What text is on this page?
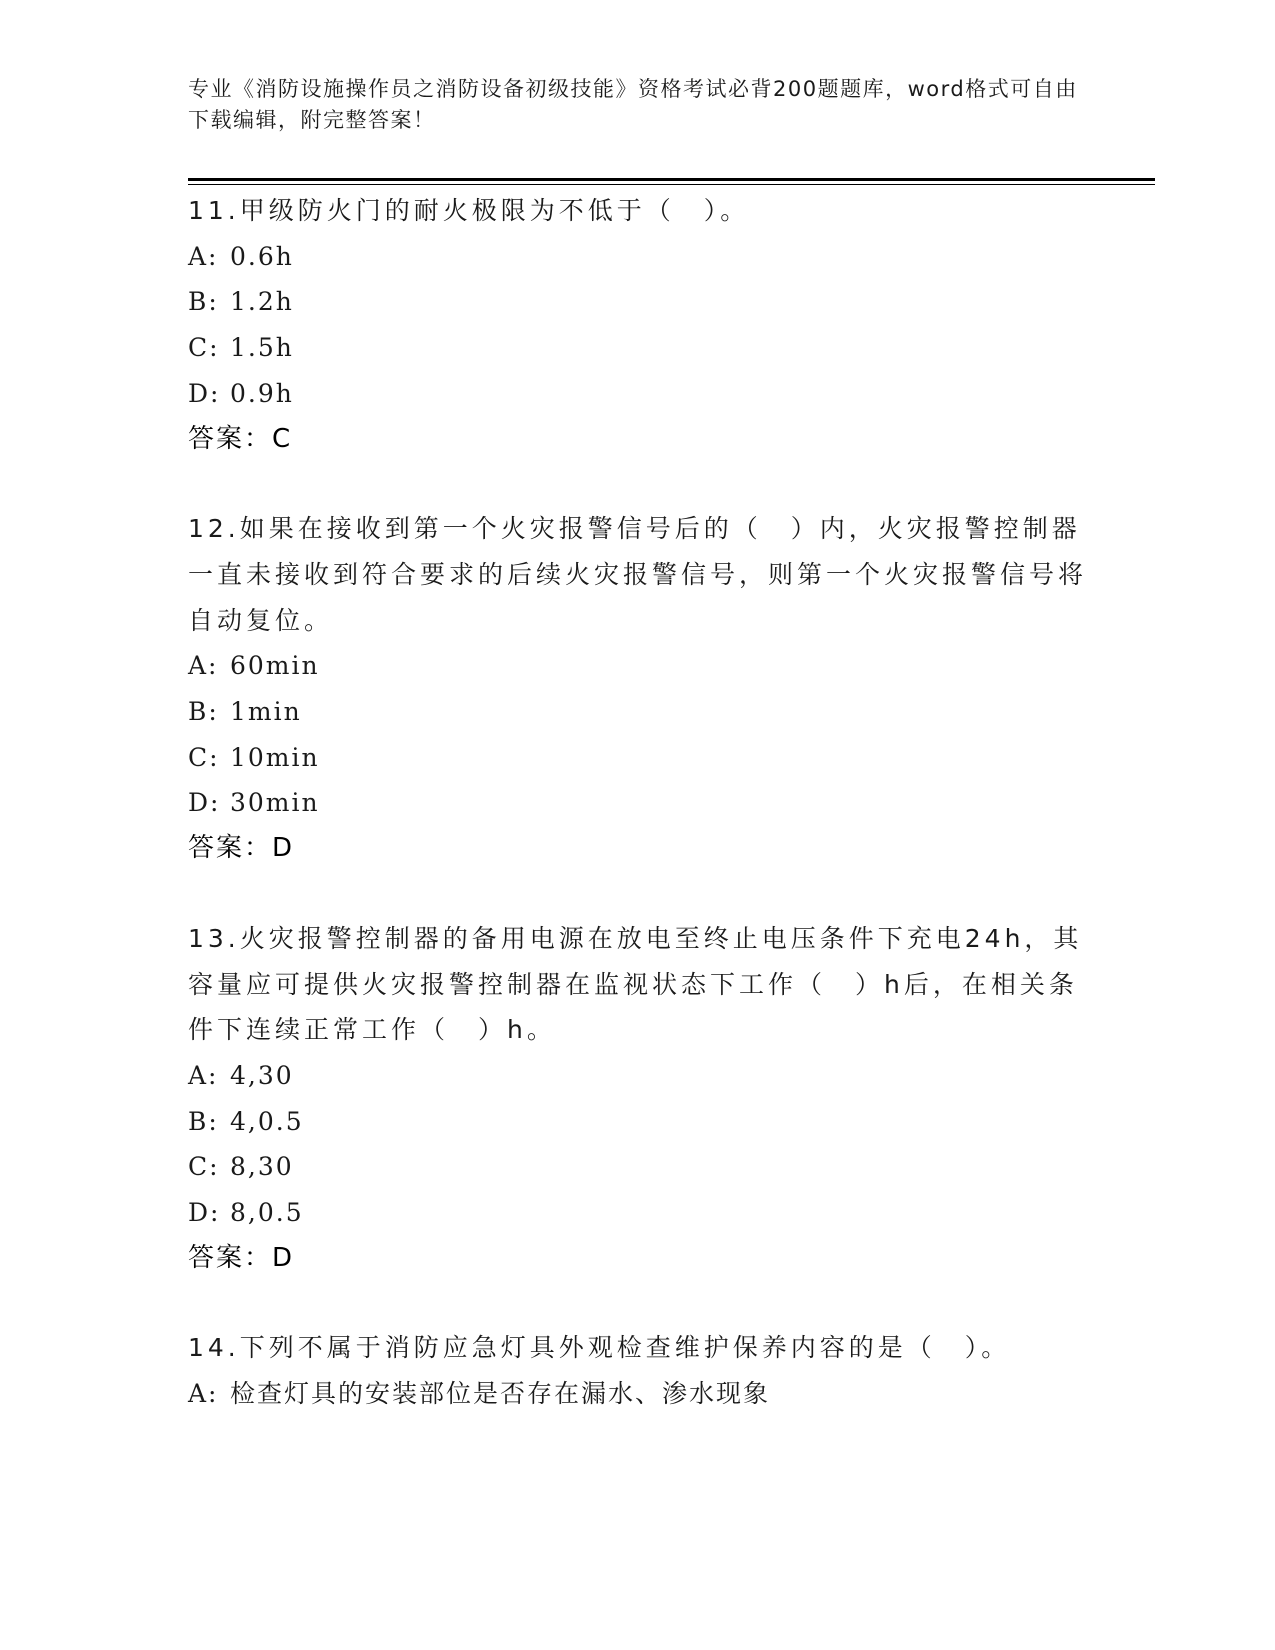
专业《消防设施操作员之消防设备初级技能》资格考试必背200题题库，word格式可自由下载编辑，附完整答案！
11.甲级防火门的耐火极限为不低于（　）。
A: 0.6h
B: 1.2h
C: 1.5h
D: 0.9h
答案：C
12.如果在接收到第一个火灾报警信号后的（　）内，火灾报警控制器一直未接收到符合要求的后续火灾报警信号，则第一个火灾报警信号将自动复位。
A: 60min
B: 1min
C: 10min
D: 30min
答案：D
13.火灾报警控制器的备用电源在放电至终止电压条件下充电24h，其容量应可提供火灾报警控制器在监视状态下工作（　）h后，在相关条件下连续正常工作（　）h。
A: 4,30
B: 4,0.5
C: 8,30
D: 8,0.5
答案：D
14.下列不属于消防应急灯具外观检查维护保养内容的是（　）。
A: 检查灯具的安装部位是否存在漏水、渗水现象
